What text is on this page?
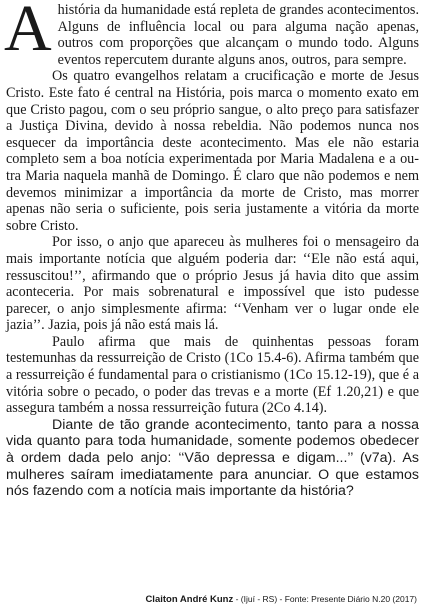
Ahistória da humanidade está repleta de grandes acontecimentos. Alguns de influência local ou para alguma nação apenas, outros com proporções que alcançam o mundo todo. Alguns eventos repercutem durante alguns anos, outros, para sempre.

Os quatro evangelhos relatam a crucificação e morte de Jesus Cristo. Este fato é central na História, pois marca o momento exato em que Cristo pagou, com o seu próprio sangue, o alto preço para satisfazer a Justiça Divina, devido à nossa rebeldia. Não podemos nunca nos esquecer da importância deste acontecimento. Mas ele não estaria completo sem a boa notícia experimentada por Maria Madalena e a outra Maria naquela manhã de Domingo. É claro que não podemos e nem devemos minimizar a importância da morte de Cristo, mas morrer apenas não seria o suficiente, pois seria justamente a vitória da morte sobre Cristo.

Por isso, o anjo que apareceu às mulheres foi o mensageiro da mais importante notícia que alguém poderia dar: ‘‘Ele não está aqui, ressuscitou!’’, afirmando que o próprio Jesus já havia dito que assim aconteceria. Por mais sobrenatural e impossível que isto pudesse parecer, o anjo simplesmente afirma: ‘‘Venham ver o lugar onde ele jazia’’. Jazia, pois já não está mais lá.

Paulo afirma que mais de quinhentas pessoas foram testemunhas da ressurreição de Cristo (1Co 15.4-6). Afirma também que a ressurreição é fundamental para o cristianismo (1Co 15.12-19), que é a vitória sobre o pecado, o poder das trevas e a morte (Ef 1.20,21) e que assegura também a nossa ressurreição futura (2Co 4.14).

Diante de tão grande acontecimento, tanto para a nossa vida quanto para toda humanidade, somente podemos obedecer à ordem dada pelo anjo: ‘‘Vão depressa e digam...’’ (v7a). As mulheres saíram imediatamente para anunciar. O que estamos nós fazendo com a notícia mais importante da história?

Claiton André Kunz - (Ijuí - RS) - Fonte: Presente Diário N.20 (2017)
